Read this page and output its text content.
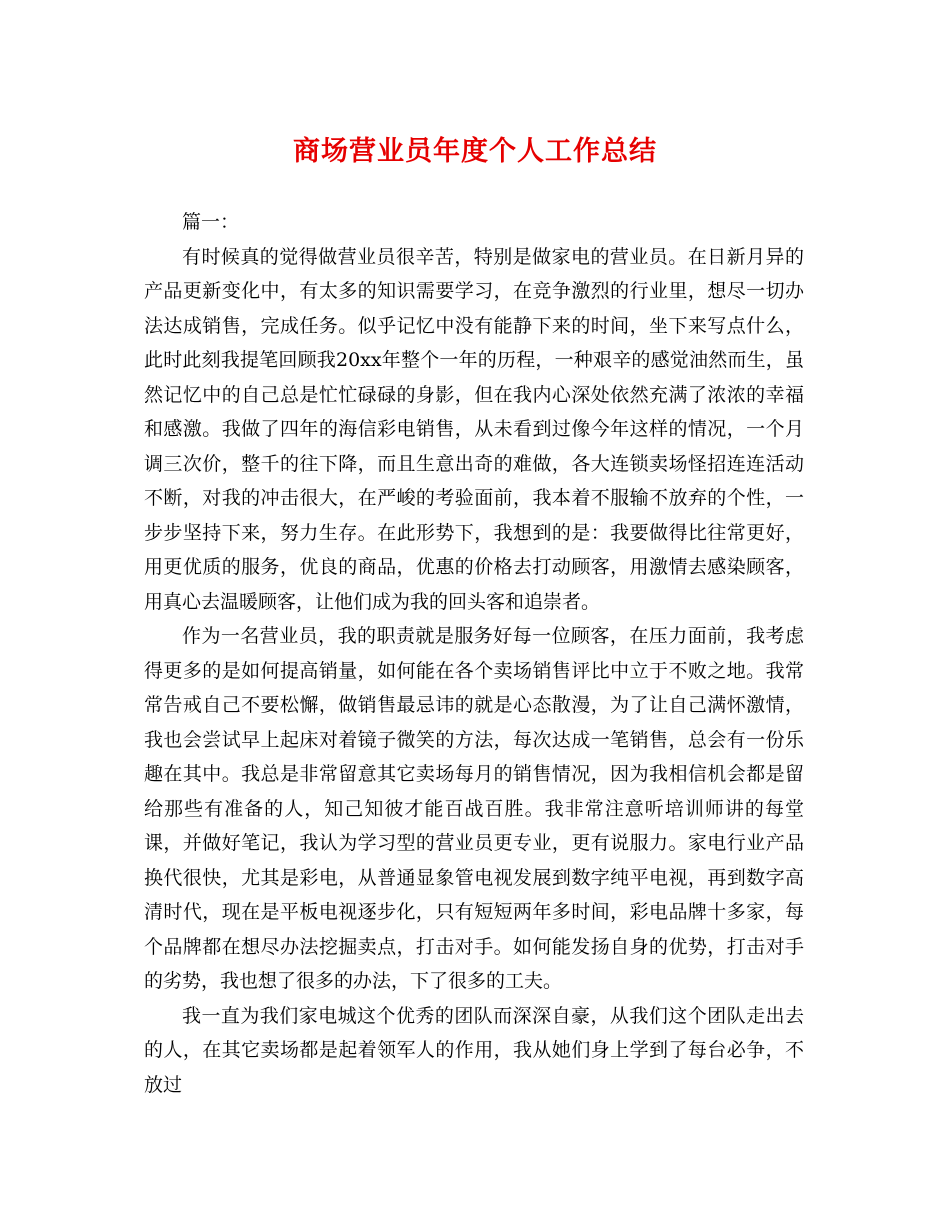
商场营业员年度个人工作总结

篇一：

有时候真的觉得做营业员很辛苦，特别是做家电的营业员。在日新月异的产品更新变化中，有太多的知识需要学习，在竞争激烈的行业里，想尽一切办法达成销售，完成任务。似乎记忆中没有能静下来的时间，坐下来写点什么，此时此刻我提笔回顾我20xx年整个一年的历程，一种艰辛的感觉油然而生，虽然记忆中的自己总是忙忙碌碌的身影，但在我内心深处依然充满了浓浓的幸福和感激。我做了四年的海信彩电销售，从未看到过像今年这样的情况，一个月调三次价，整千的往下降，而且生意出奇的难做，各大连锁卖场怪招连连活动不断，对我的冲击很大，在严峻的考验面前，我本着不服输不放弃的个性，一步步坚持下来，努力生存。在此形势下，我想到的是：我要做得比往常更好，用更优质的服务，优良的商品，优惠的价格去打动顾客，用激情去感染顾客，用真心去温暖顾客，让他们成为我的回头客和追崇者。

作为一名营业员，我的职责就是服务好每一位顾客，在压力面前，我考虑得更多的是如何提高销量，如何能在各个卖场销售评比中立于不败之地。我常常告戒自己不要松懈，做销售最忌讳的就是心态散漫，为了让自己满怀激情，我也会尝试早上起床对着镜子微笑的方法，每次达成一笔销售，总会有一份乐趣在其中。我总是非常留意其它卖场每月的销售情况，因为我相信机会都是留给那些有准备的人，知己知彼才能百战百胜。我非常注意听培训师讲的每堂课，并做好笔记，我认为学习型的营业员更专业，更有说服力。家电行业产品换代很快，尤其是彩电，从普通显象管电视发展到数字纯平电视，再到数字高清时代，现在是平板电视逐步化，只有短短两年多时间，彩电品牌十多家，每个品牌都在想尽办法挖掘卖点，打击对手。如何能发扬自身的优势，打击对手的劣势，我也想了很多的办法，下了很多的工夫。

我一直为我们家电城这个优秀的团队而深深自豪，从我们这个团队走出去的人，在其它卖场都是起着领军人的作用，我从她们身上学到了每台必争，不放过
